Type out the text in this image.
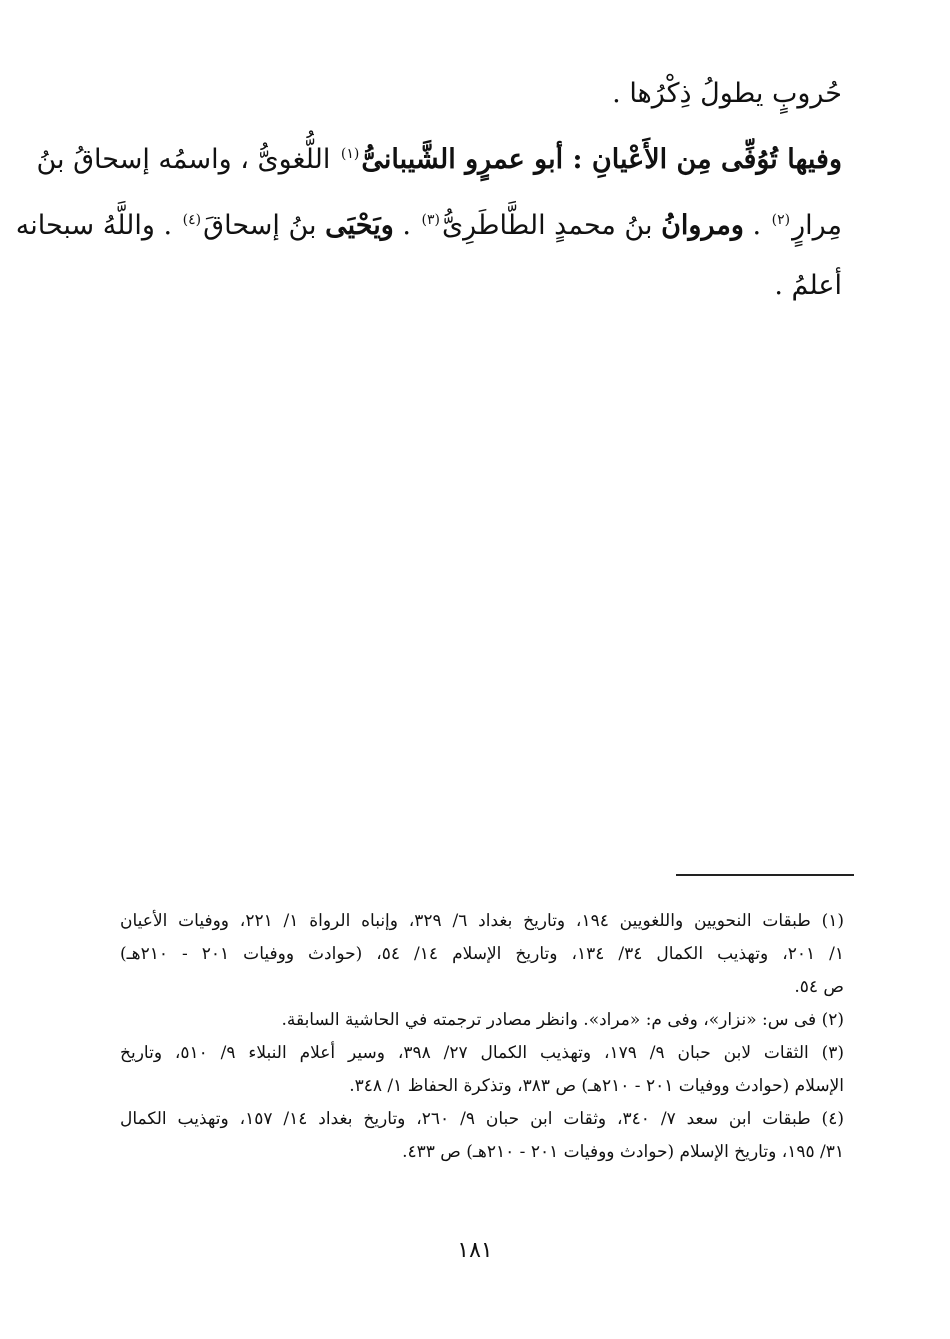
حُروبٍ يطولُ ذِكْرُها .
وفيها تُوُفِّى مِن الأَعْيانِ : أبو عمرٍو الشَّيبانىُّ$^{(١)}$ اللُّغوىُّ ، واسمُه إسحاقُ بنُ
مِرارٍ$^{(٢)}$ . ومروانُ بنُ محمدٍ الطَّاطَرِىُّ$^{(٣)}$ . ويَحْيَى بنُ إسحاقَ$^{(٤)}$ . واللَّهُ سبحانه
أعلمُ .
(١) طبقات النحويين واللغويين ١٩٤، وتاريخ بغداد ٦/ ٣٢٩، وإنباه الرواة ١/ ٢٢١، ووفيات الأعيان
١/ ٢٠١، وتهذيب الكمال ٣٤/ ١٣٤، وتاريخ الإسلام ١٤/ ٥٤، (حوادث ووفيات ٢٠١ - ٢١٠هـ)
ص ٥٤.
(٢) فى س: «نزار»، وفى م: «مراد». وانظر مصادر ترجمته في الحاشية السابقة.
(٣) الثقات لابن حبان ٩/ ١٧٩، وتهذيب الكمال ٢٧/ ٣٩٨، وسير أعلام النبلاء ٩/ ٥١٠، وتاريخ
الإسلام (حوادث ووفيات ٢٠١ - ٢١٠هـ) ص ٣٨٣، وتذكرة الحفاظ ١/ ٣٤٨.
(٤) طبقات ابن سعد ٧/ ٣٤٠، وثقات ابن حبان ٩/ ٢٦٠، وتاريخ بغداد ١٤/ ١٥٧، وتهذيب الكمال
٣١/ ١٩٥، وتاريخ الإسلام (حوادث ووفيات ٢٠١ - ٢١٠هـ) ص ٤٣٣.
١٨١
